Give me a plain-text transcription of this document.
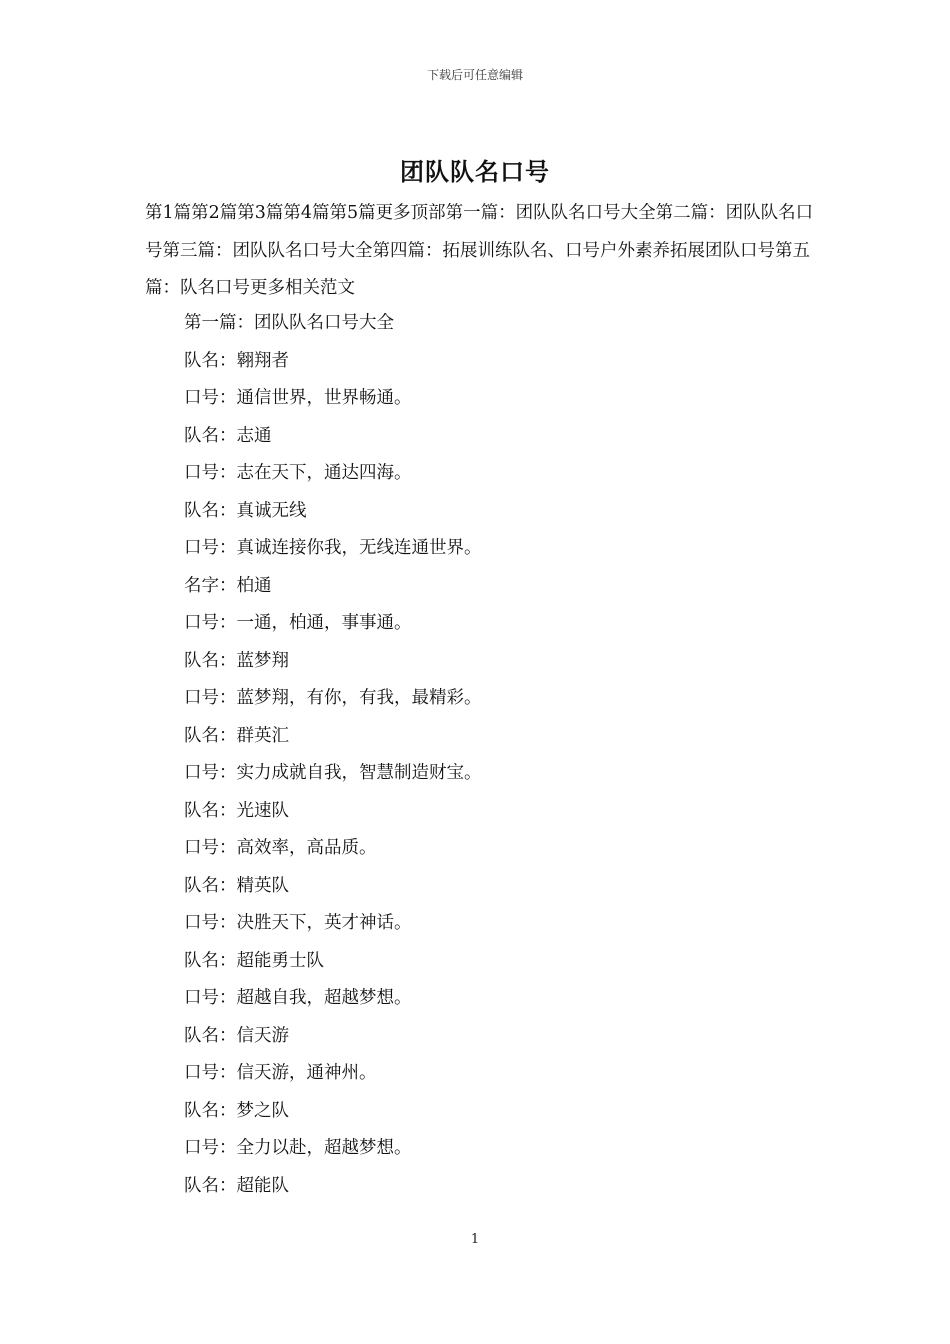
下载后可任意编辑
团队队名口号
第1篇第2篇第3篇第4篇第5篇更多顶部第一篇：团队队名口号大全第二篇：团队队名口号第三篇：团队队名口号大全第四篇：拓展训练队名、口号户外素养拓展团队口号第五篇：队名口号更多相关范文
第一篇：团队队名口号大全
队名：翱翔者
口号：通信世界，世界畅通。
队名：志通
口号：志在天下，通达四海。
队名：真诚无线
口号：真诚连接你我，无线连通世界。
名字：柏通
口号：一通，柏通，事事通。
队名：蓝梦翔
口号：蓝梦翔，有你，有我，最精彩。
队名：群英汇
口号：实力成就自我，智慧制造财宝。
队名：光速队
口号：高效率，高品质。
队名：精英队
口号：决胜天下，英才神话。
队名：超能勇士队
口号：超越自我，超越梦想。
队名：信天游
口号：信天游，通神州。
队名：梦之队
口号：全力以赴，超越梦想。
队名：超能队
1
